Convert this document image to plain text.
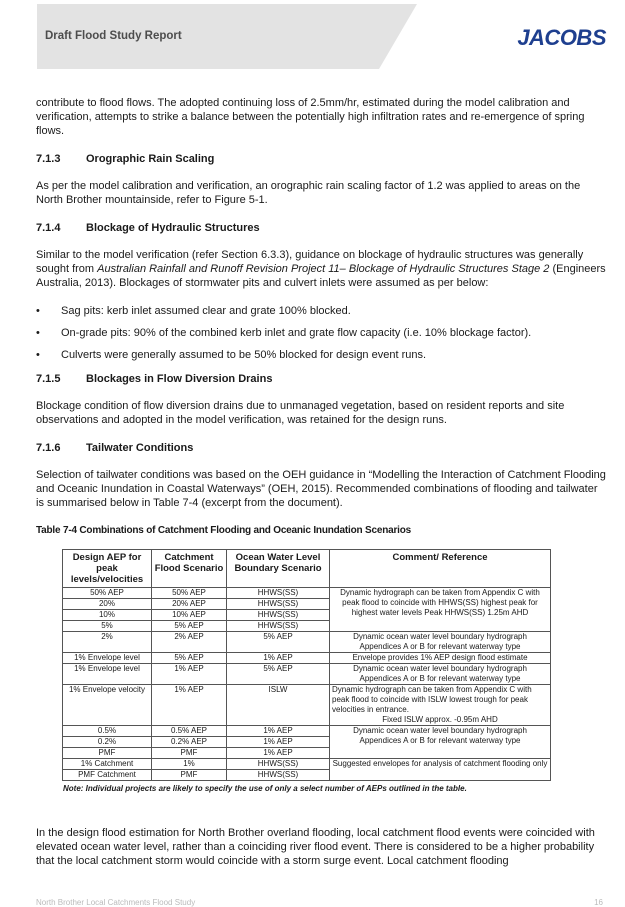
Draft Flood Study Report	JACOBS

contribute to flood flows. The adopted continuing loss of 2.5mm/hr, estimated during the model calibration and verification, attempts to strike a balance between the potentially high infiltration rates and re-emergence of spring flows.

7.1.3 Orographic Rain Scaling

As per the model calibration and verification, an orographic rain scaling factor of 1.2 was applied to areas on the North Brother mountainside, refer to Figure 5-1.

7.1.4 Blockage of Hydraulic Structures

Similar to the model verification (refer Section 6.3.3), guidance on blockage of hydraulic structures was generally sought from Australian Rainfall and Runoff Revision Project 11– Blockage of Hydraulic Structures Stage 2 (Engineers Australia, 2013). Blockages of stormwater pits and culvert inlets were assumed as per below:

• Sag pits: kerb inlet assumed clear and grate 100% blocked.
• On-grade pits: 90% of the combined kerb inlet and grate flow capacity (i.e. 10% blockage factor).
• Culverts were generally assumed to be 50% blocked for design event runs.
7.1.5 Blockages in Flow Diversion Drains

Blockage condition of flow diversion drains due to unmanaged vegetation, based on resident reports and site observations and adopted in the model verification, was retained for the design runs.

7.1.6 Tailwater Conditions

Selection of tailwater conditions was based on the OEH guidance in “Modelling the Interaction of Catchment Flooding and Oceanic Inundation in Coastal Waterways” (OEH, 2015). Recommended combinations of flooding and tailwater is summarised below in Table 7-4 (excerpt from the document).

Table 7-4 Combinations of Catchment Flooding and Oceanic Inundation Scenarios
Design AEP for peak levels/velocities	Catchment Flood Scenario	Ocean Water Level Boundary Scenario	Comment/ Reference
50% AEP	50% AEP	HHWS(SS)	Dynamic hydrograph can be taken from Appendix C with peak flood to coincide with HHWS(SS) highest peak for highest water levels Peak HHWS(SS) 1.25m AHD
20%	20% AEP	HHWS(SS)	
10%	10% AEP	HHWS(SS)	
5%	5% AEP	HHWS(SS)	
2%	2% AEP	5% AEP	Dynamic ocean water level boundary hydrograph Appendices A or B for relevant waterway type
1% Envelope level	5% AEP	1% AEP	Envelope provides 1% AEP design flood estimate
1% Envelope level	1% AEP	5% AEP	Dynamic ocean water level boundary hydrograph Appendices A or B for relevant waterway type
1% Envelope velocity	1% AEP	ISLW	Dynamic hydrograph can be taken from Appendix C with peak flood to coincide with ISLW lowest trough for peak velocities in entrance.
Fixed ISLW approx. -0.95m AHD

0.5%	0.5% AEP	1% AEP	Dynamic ocean water level boundary hydrograph Appendices A or B for relevant waterway type
0.2%	0.2% AEP	1% AEP	
PMF	PMF	1% AEP	
1% Catchment	1%	HHWS(SS)	Suggested envelopes for analysis of catchment flooding only
PMF Catchment	PMF	HHWS(SS)	
Note: Individual projects are likely to specify the use of only a select number of AEPs outlined in the table.

In the design flood estimation for North Brother overland flooding, local catchment flood events were coincided with elevated ocean water level, rather than a coinciding river flood event. There is considered to be a higher probability that the local catchment storm would coincide with a storm surge event. Local catchment flooding

North Brother Local Catchments Flood Study	16
